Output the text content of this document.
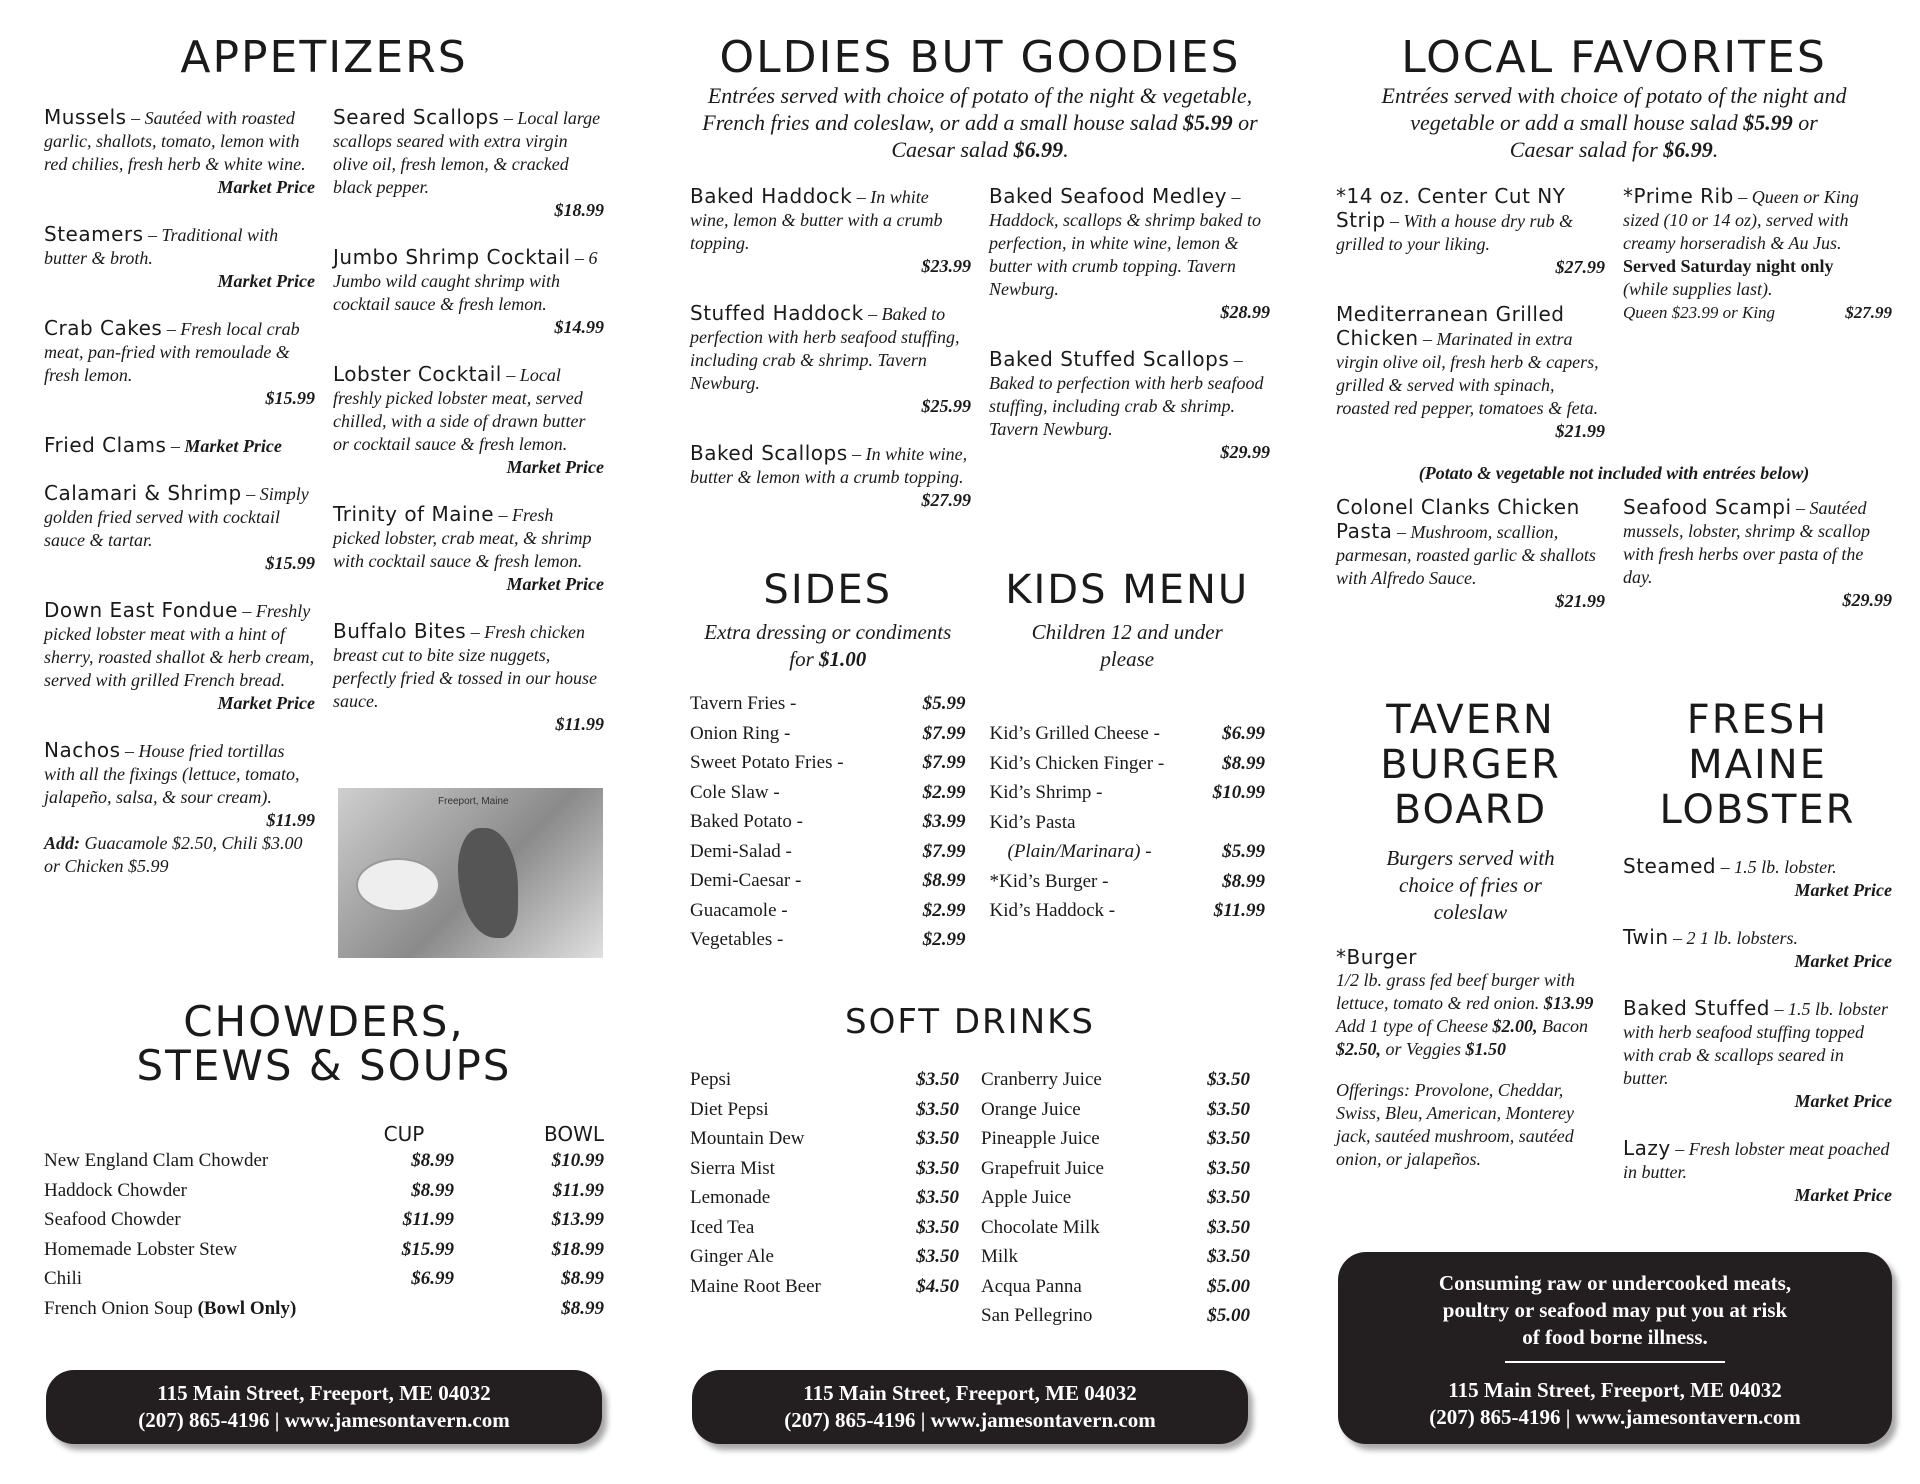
APPETIZERS
Mussels – Sautéed with roasted garlic, shallots, tomato, lemon with red chilies, fresh herb & white wine.
Market Price
Steamers – Traditional with butter & broth.
Market Price
Crab Cakes – Fresh local crab meat, pan-fried with remoulade & fresh lemon.
$15.99
Fried Clams – Market Price
Calamari & Shrimp – Simply golden fried served with cocktail sauce & tartar.
$15.99
Down East Fondue – Freshly picked lobster meat with a hint of sherry, roasted shallot & herb cream, served with grilled French bread.
Market Price
Nachos – House fried tortillas with all the fixings (lettuce, tomato, jalapeño, salsa, & sour cream).
$11.99
Add: Guacamole $2.50, Chili $3.00 or Chicken $5.99
Seared Scallops – Local large scallops seared with extra virgin olive oil, fresh lemon, & cracked black pepper.
$18.99
Jumbo Shrimp Cocktail – 6 Jumbo wild caught shrimp with cocktail sauce & fresh lemon.
$14.99
Lobster Cocktail – Local freshly picked lobster meat, served chilled, with a side of drawn butter or cocktail sauce & fresh lemon.
Market Price
Trinity of Maine – Fresh picked lobster, crab meat, & shrimp with cocktail sauce & fresh lemon.
Market Price
Buffalo Bites – Fresh chicken breast cut to bite size nuggets, perfectly fried & tossed in our house sauce.
$11.99
Freeport, Maine
CHOWDERS,
STEWS & SOUPS
CUP	BOWL
New England Clam Chowder	$8.99	$10.99
Haddock Chowder	$8.99	$11.99
Seafood Chowder	$11.99	$13.99
Homemade Lobster Stew	$15.99	$18.99
Chili	$6.99	$8.99
French Onion Soup (Bowl Only)	$8.99
115 Main Street, Freeport, ME 04032
(207) 865-4196 | www.jamesontavern.com
OLDIES BUT GOODIES

Entrées served with choice of potato of the night & vegetable, French fries and coleslaw, or add a small house salad $5.99 or Caesar salad $6.99.

Baked Haddock – In white wine, lemon & butter with a crumb topping.
$23.99
Stuffed Haddock – Baked to perfection with herb seafood stuffing, including crab & shrimp. Tavern Newburg.
$25.99
Baked Scallops – In white wine, butter & lemon with a crumb topping.
$27.99
Baked Seafood Medley – Haddock, scallops & shrimp baked to perfection, in white wine, lemon & butter with crumb topping. Tavern Newburg.
$28.99
Baked Stuffed Scallops – Baked to perfection with herb seafood stuffing, including crab & shrimp. Tavern Newburg.
$29.99
SIDES

Extra dressing or condiments for $1.00

Tavern Fries -	$5.99
Onion Ring -	$7.99
Sweet Potato Fries -	$7.99
Cole Slaw -	$2.99
Baked Potato -	$3.99
Demi-Salad -	$7.99
Demi-Caesar -	$8.99
Guacamole -	$2.99
Vegetables -	$2.99
KIDS MENU

Children 12 and under please

Kid’s Grilled Cheese -	$6.99
Kid’s Chicken Finger -	$8.99
Kid’s Shrimp -	$10.99
Kid’s Pasta
(Plain/Marinara) -	$5.99
*Kid’s Burger -	$8.99
Kid’s Haddock -	$11.99
SOFT DRINKS
Pepsi	$3.50
Diet Pepsi	$3.50
Mountain Dew	$3.50
Sierra Mist	$3.50
Lemonade	$3.50
Iced Tea	$3.50
Ginger Ale	$3.50
Maine Root Beer	$4.50
Cranberry Juice	$3.50
Orange Juice	$3.50
Pineapple Juice	$3.50
Grapefruit Juice	$3.50
Apple Juice	$3.50
Chocolate Milk	$3.50
Milk	$3.50
Acqua Panna	$5.00
San Pellegrino	$5.00
115 Main Street, Freeport, ME 04032
(207) 865-4196 | www.jamesontavern.com
LOCAL FAVORITES

Entrées served with choice of potato of the night and vegetable or add a small house salad $5.99 or Caesar salad for $6.99.

*14 oz. Center Cut NY Strip – With a house dry rub & grilled to your liking.
$27.99
Mediterranean Grilled Chicken – Marinated in extra virgin olive oil, fresh herb & capers, grilled & served with spinach, roasted red pepper, tomatoes & feta.
$21.99
*Prime Rib – Queen or King sized (10 or 14 oz), served with creamy horseradish & Au Jus.
Served Saturday night only
(while supplies last).
Queen $23.99 or King	$27.99
(Potato & vegetable not included with entrées below)
Colonel Clanks Chicken Pasta – Mushroom, scallion, parmesan, roasted garlic & shallots with Alfredo Sauce.
$21.99
Seafood Scampi – Sautéed mussels, lobster, shrimp & scallop with fresh herbs over pasta of the day.
$29.99
TAVERN
BURGER
BOARD

Burgers served with choice of fries or coleslaw

*Burger
1/2 lb. grass fed beef burger with lettuce, tomato & red onion. $13.99
Add 1 type of Cheese $2.00, Bacon $2.50, or Veggies $1.50
Offerings: Provolone, Cheddar, Swiss, Bleu, American, Monterey jack, sautéed mushroom, sautéed onion, or jalapeños.
FRESH
MAINE
LOBSTER
Steamed – 1.5 lb. lobster.
Market Price
Twin – 2 1 lb. lobsters.
Market Price
Baked Stuffed – 1.5 lb. lobster with herb seafood stuffing topped with crab & scallops seared in butter.
Market Price
Lazy – Fresh lobster meat poached in butter.
Market Price
Consuming raw or undercooked meats,
poultry or seafood may put you at risk
of food borne illness.
115 Main Street, Freeport, ME 04032
(207) 865-4196 | www.jamesontavern.com
